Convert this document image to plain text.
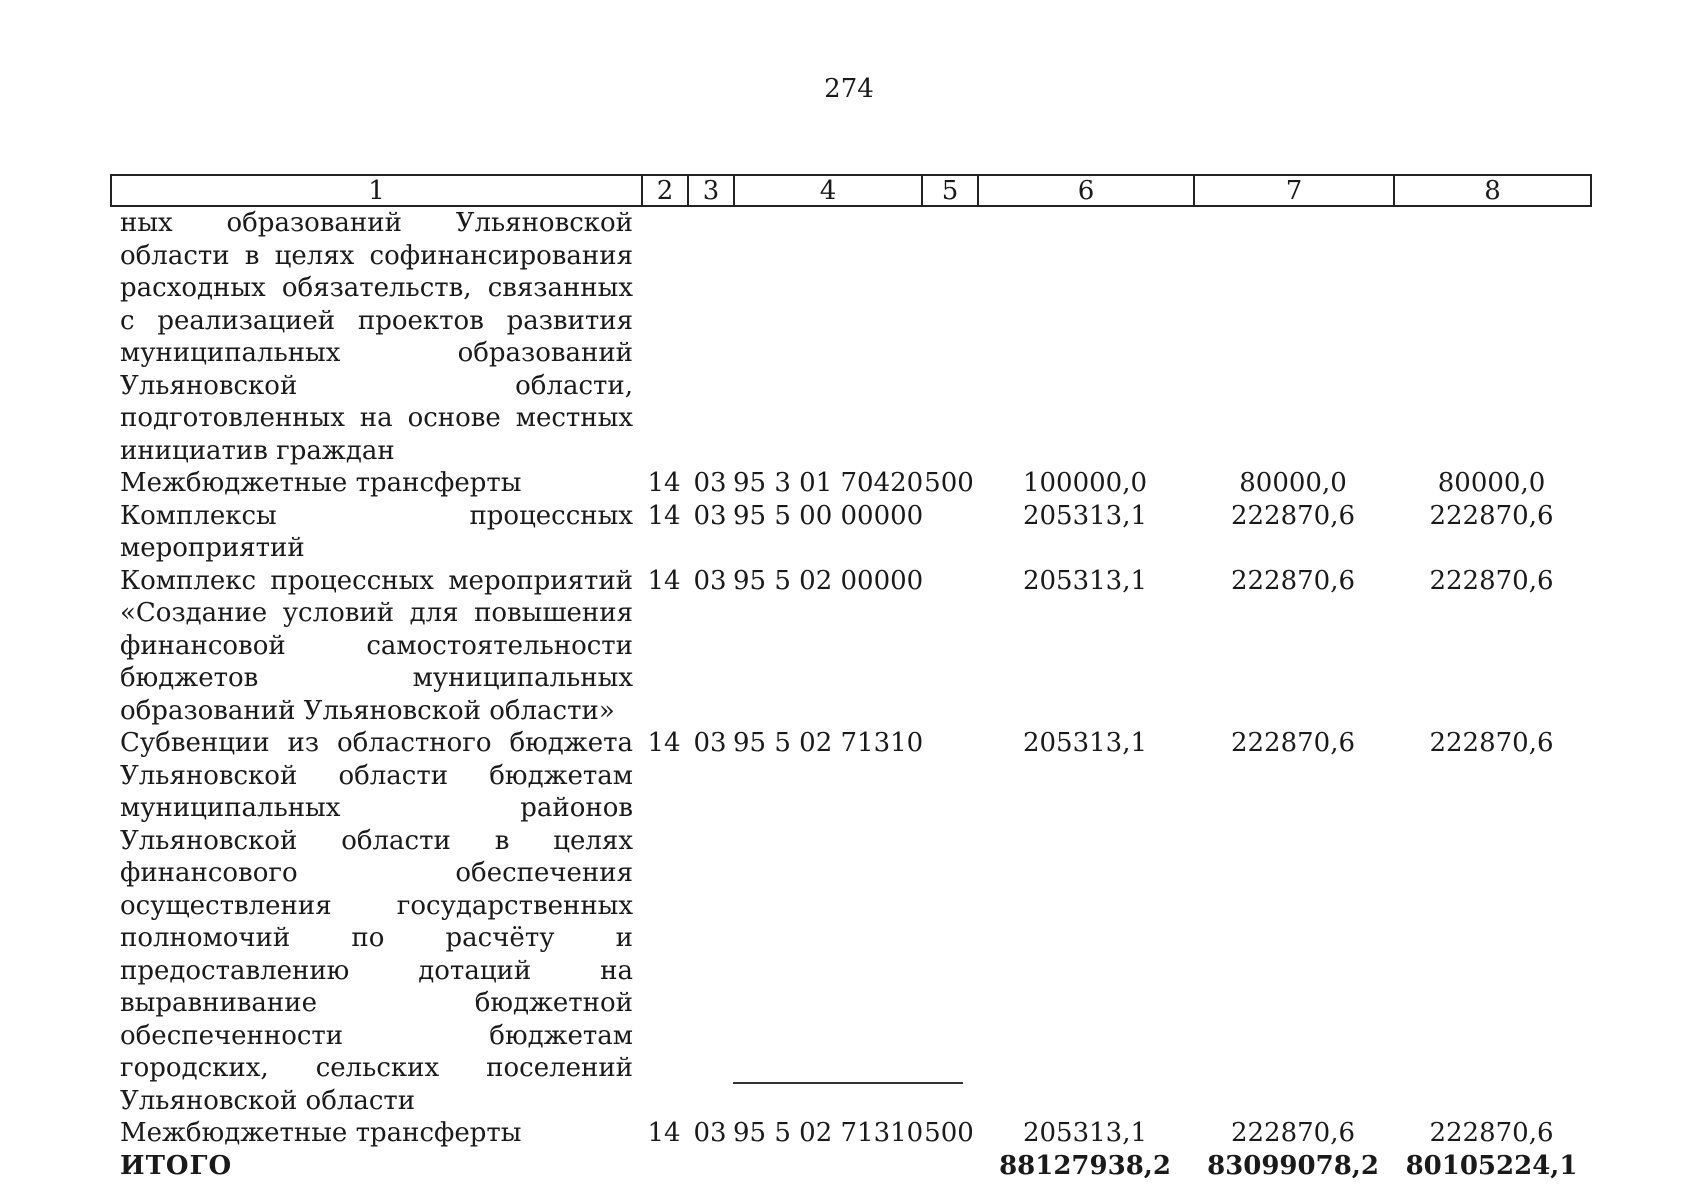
274
1	2	3	4	5	6	7	8
ных образований Ульяновской области в целях софинансирования расходных обязательств, связанных с реализацией проектов развития муниципальных образований Ульяновской области, подготовленных на основе местных инициатив граждан							
Межбюджетные трансферты	14	03	95 3 01 70420	500	100000,0	80000,0	80000,0
Комплексы процессных мероприятий	14	03	95 5 00 00000		205313,1	222870,6	222870,6
Комплекс процессных мероприятий «Создание условий для повышения финансовой самостоятельности бюджетов муниципальных образований Ульяновской области»	14	03	95 5 02 00000		205313,1	222870,6	222870,6
Субвенции из областного бюджета Ульяновской области бюджетам муниципальных районов Ульяновской области в целях финансового обеспечения осуществления государственных полномочий по расчёту и предоставлению дотаций на выравнивание бюджетной обеспеченности бюджетам городских, сельских поселений Ульяновской области	14	03	95 5 02 71310		205313,1	222870,6	222870,6
Межбюджетные трансферты	14	03	95 5 02 71310	500	205313,1	222870,6	222870,6
ИТОГО					88127938,2	83099078,2	80105224,1
